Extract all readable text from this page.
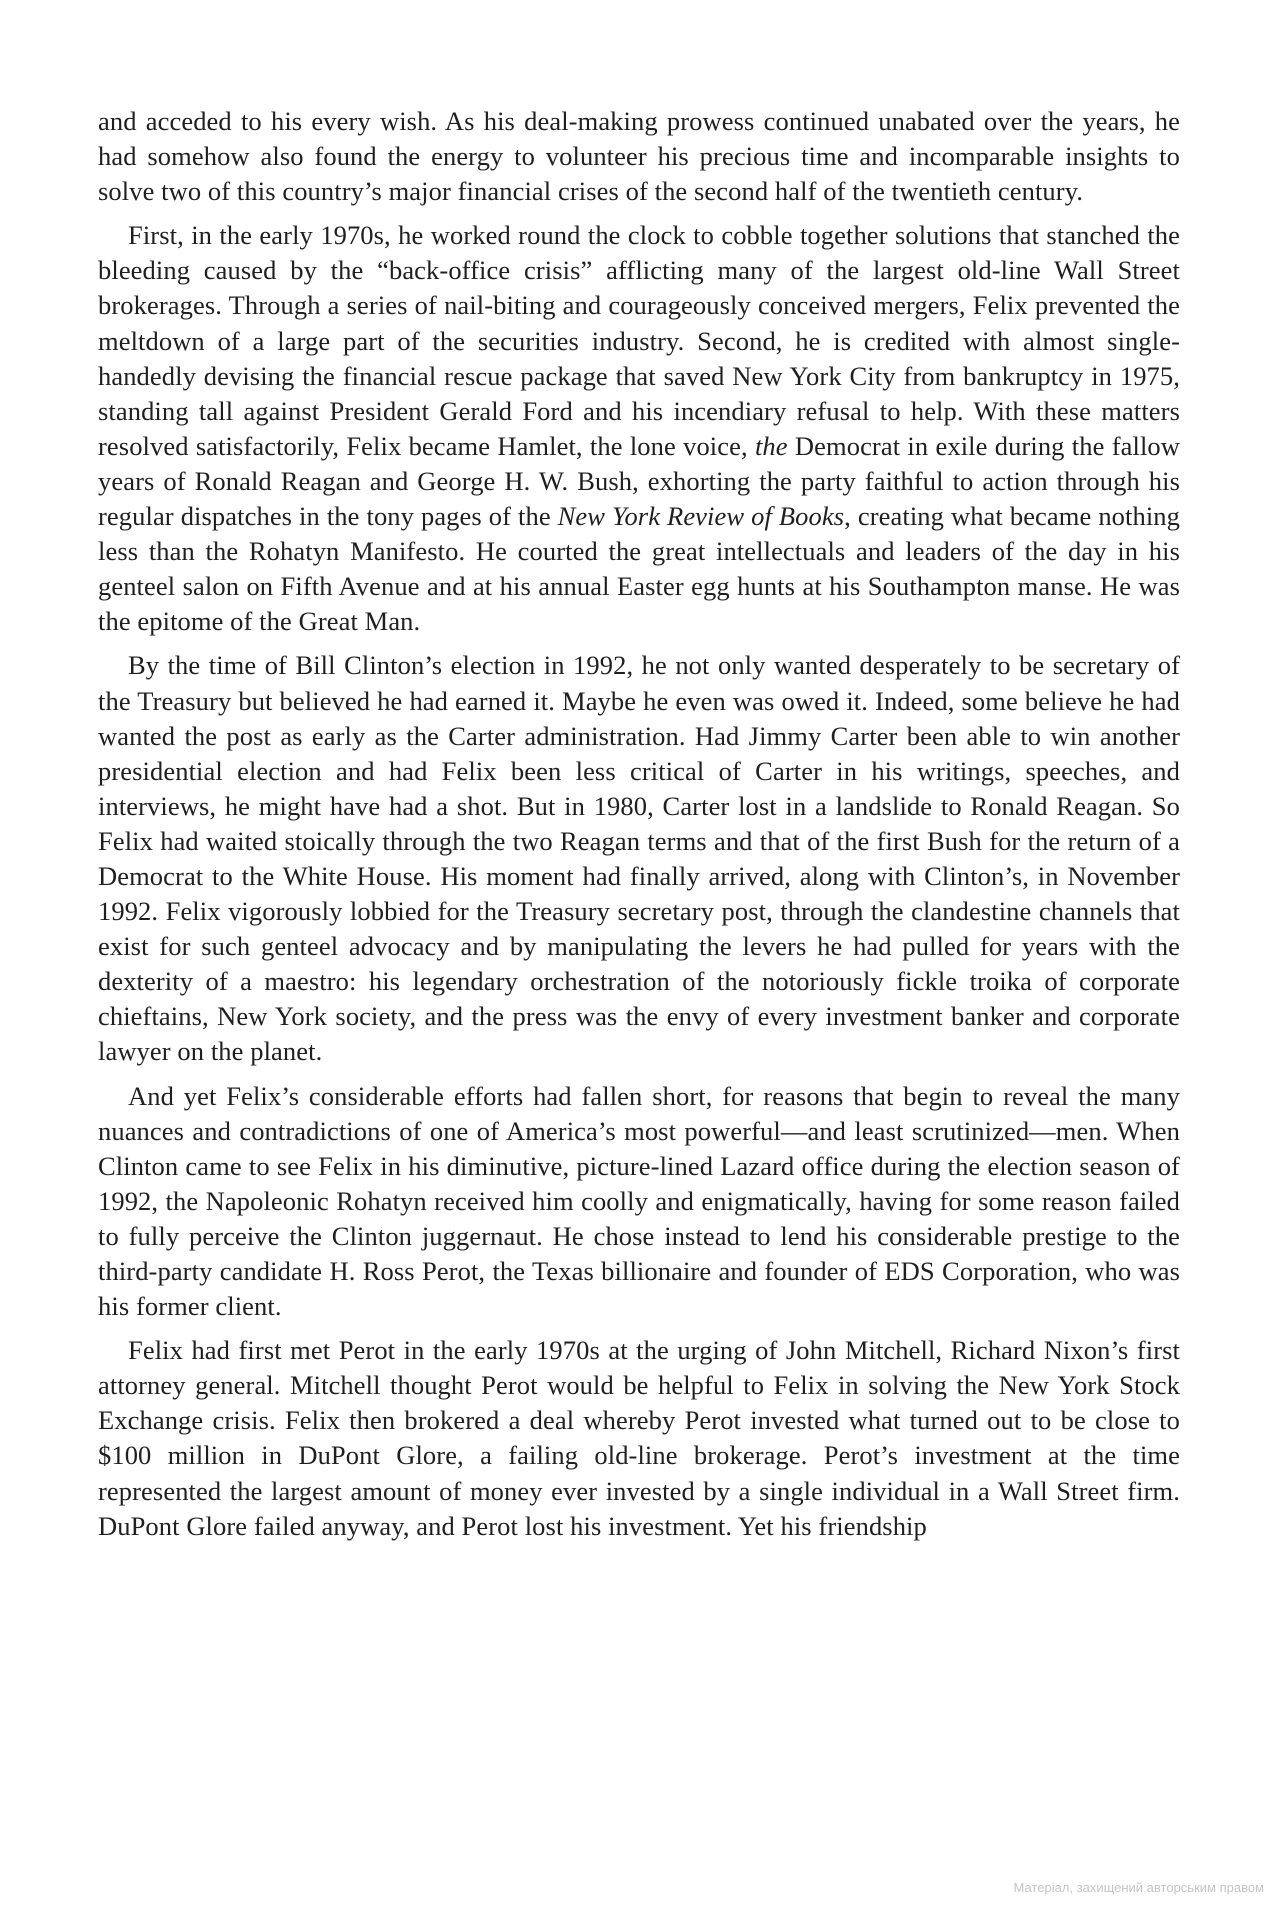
and acceded to his every wish. As his deal-making prowess continued unabated over the years, he had somehow also found the energy to volunteer his precious time and incomparable insights to solve two of this country’s major financial crises of the second half of the twentieth century.

First, in the early 1970s, he worked round the clock to cobble together solutions that stanched the bleeding caused by the “back-office crisis” afflicting many of the largest old-line Wall Street brokerages. Through a series of nail-biting and courageously conceived mergers, Felix prevented the meltdown of a large part of the securities industry. Second, he is credited with almost single-handedly devising the financial rescue package that saved New York City from bankruptcy in 1975, standing tall against President Gerald Ford and his incendiary refusal to help. With these matters resolved satisfactorily, Felix became Hamlet, the lone voice, the Democrat in exile during the fallow years of Ronald Reagan and George H. W. Bush, exhorting the party faithful to action through his regular dispatches in the tony pages of the New York Review of Books, creating what became nothing less than the Rohatyn Manifesto. He courted the great intellectuals and leaders of the day in his genteel salon on Fifth Avenue and at his annual Easter egg hunts at his Southampton manse. He was the epitome of the Great Man.

By the time of Bill Clinton’s election in 1992, he not only wanted desperately to be secretary of the Treasury but believed he had earned it. Maybe he even was owed it. Indeed, some believe he had wanted the post as early as the Carter administration. Had Jimmy Carter been able to win another presidential election and had Felix been less critical of Carter in his writings, speeches, and interviews, he might have had a shot. But in 1980, Carter lost in a landslide to Ronald Reagan. So Felix had waited stoically through the two Reagan terms and that of the first Bush for the return of a Democrat to the White House. His moment had finally arrived, along with Clinton’s, in November 1992. Felix vigorously lobbied for the Treasury secretary post, through the clandestine channels that exist for such genteel advocacy and by manipulating the levers he had pulled for years with the dexterity of a maestro: his legendary orchestration of the notoriously fickle troika of corporate chieftains, New York society, and the press was the envy of every investment banker and corporate lawyer on the planet.

And yet Felix’s considerable efforts had fallen short, for reasons that begin to reveal the many nuances and contradictions of one of America’s most powerful—and least scrutinized—men. When Clinton came to see Felix in his diminutive, picture-lined Lazard office during the election season of 1992, the Napoleonic Rohatyn received him coolly and enigmatically, having for some reason failed to fully perceive the Clinton juggernaut. He chose instead to lend his considerable prestige to the third-party candidate H. Ross Perot, the Texas billionaire and founder of EDS Corporation, who was his former client.

Felix had first met Perot in the early 1970s at the urging of John Mitchell, Richard Nixon’s first attorney general. Mitchell thought Perot would be helpful to Felix in solving the New York Stock Exchange crisis. Felix then brokered a deal whereby Perot invested what turned out to be close to $100 million in DuPont Glore, a failing old-line brokerage. Perot’s investment at the time represented the largest amount of money ever invested by a single individual in a Wall Street firm. DuPont Glore failed anyway, and Perot lost his investment. Yet his friendship

Матеріал, захищений авторським правом
